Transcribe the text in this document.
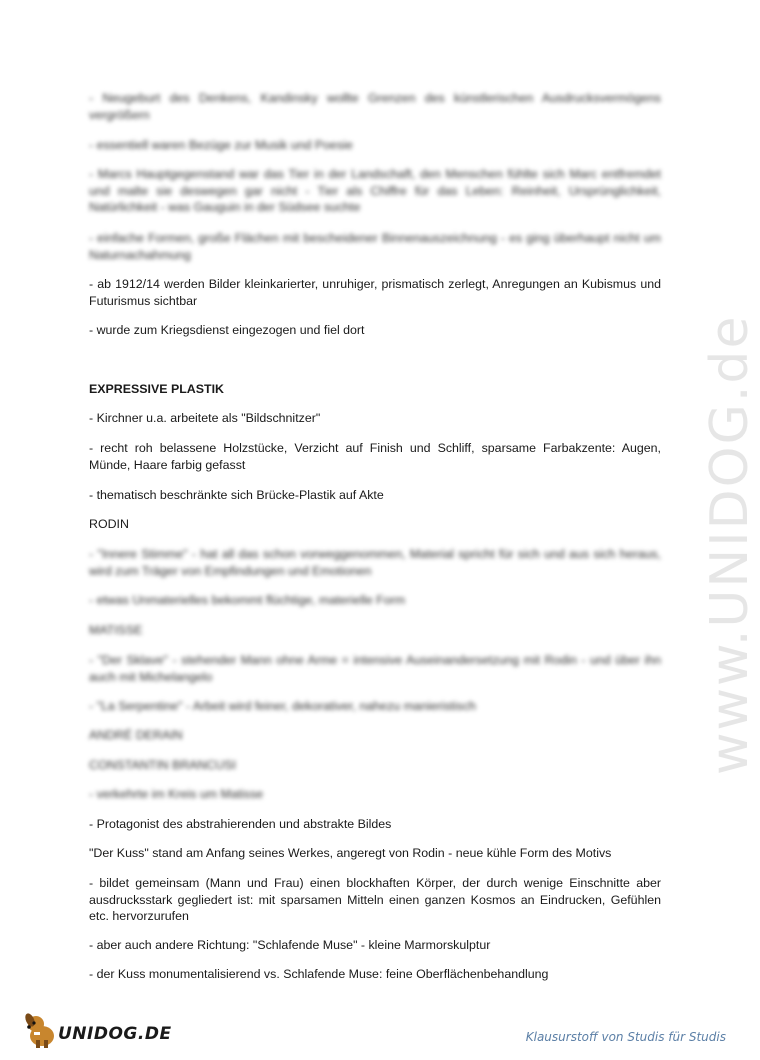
- Neugeburt des Denkens, Kandinsky wollte Grenzen des künstlerischen Ausdrucksvermögens vergrößern

- essentiell waren Bezüge zur Musik und Poesie

- Marcs Hauptgegenstand war das Tier in der Landschaft, den Menschen fühlte sich Marc entfremdet und malte sie deswegen gar nicht - Tier als Chiffre für das Leben: Reinheit, Ursprünglichkeit, Natürlichkeit - was Gauguin in der Südsee suchte

- einfache Formen, große Flächen mit bescheidener Binnenauszeichnung - es ging überhaupt nicht um Naturnachahmung

- ab 1912/14 werden Bilder kleinkarierter, unruhiger, prismatisch zerlegt, Anregungen an Kubismus und Futurismus sichtbar

- wurde zum Kriegsdienst eingezogen und fiel dort

EXPRESSIVE PLASTIK

- Kirchner u.a. arbeitete als "Bildschnitzer"

- recht roh belassene Holzstücke, Verzicht auf Finish und Schliff, sparsame Farbakzente: Augen, Münde, Haare farbig gefasst

- thematisch beschränkte sich Brücke-Plastik auf Akte

RODIN

- "Innere Stimme" - hat all das schon vorweggenommen, Material spricht für sich und aus sich heraus, wird zum Träger von Empfindungen und Emotionen

- etwas Unmaterielles bekommt flüchtige, materielle Form

MATISSE

- "Der Sklave" - stehender Mann ohne Arme = intensive Auseinandersetzung mit Rodin - und über ihn auch mit Michelangelo

- "La Serpentine" - Arbeit wird feiner, dekorativer, nahezu manieristisch

ANDRÉ DERAIN

CONSTANTIN BRANCUSI

- verkehrte im Kreis um Matisse

- Protagonist des abstrahierenden und abstrakte Bildes

"Der Kuss" stand am Anfang seines Werkes, angeregt von Rodin - neue kühle Form des Motivs

- bildet gemeinsam (Mann und Frau) einen blockhaften Körper, der durch wenige Einschnitte aber ausdrucksstark gegliedert ist: mit sparsamen Mitteln einen ganzen Kosmos an Eindrucken, Gefühlen etc. hervorzurufen

- aber auch andere Richtung: "Schlafende Muse" - kleine Marmorskulptur

- der Kuss monumentalisierend vs. Schlafende Muse: feine Oberflächenbehandlung

www.UNIDOG.de
UNIDOG.DE	Klausurstoff von Studis für Studis
